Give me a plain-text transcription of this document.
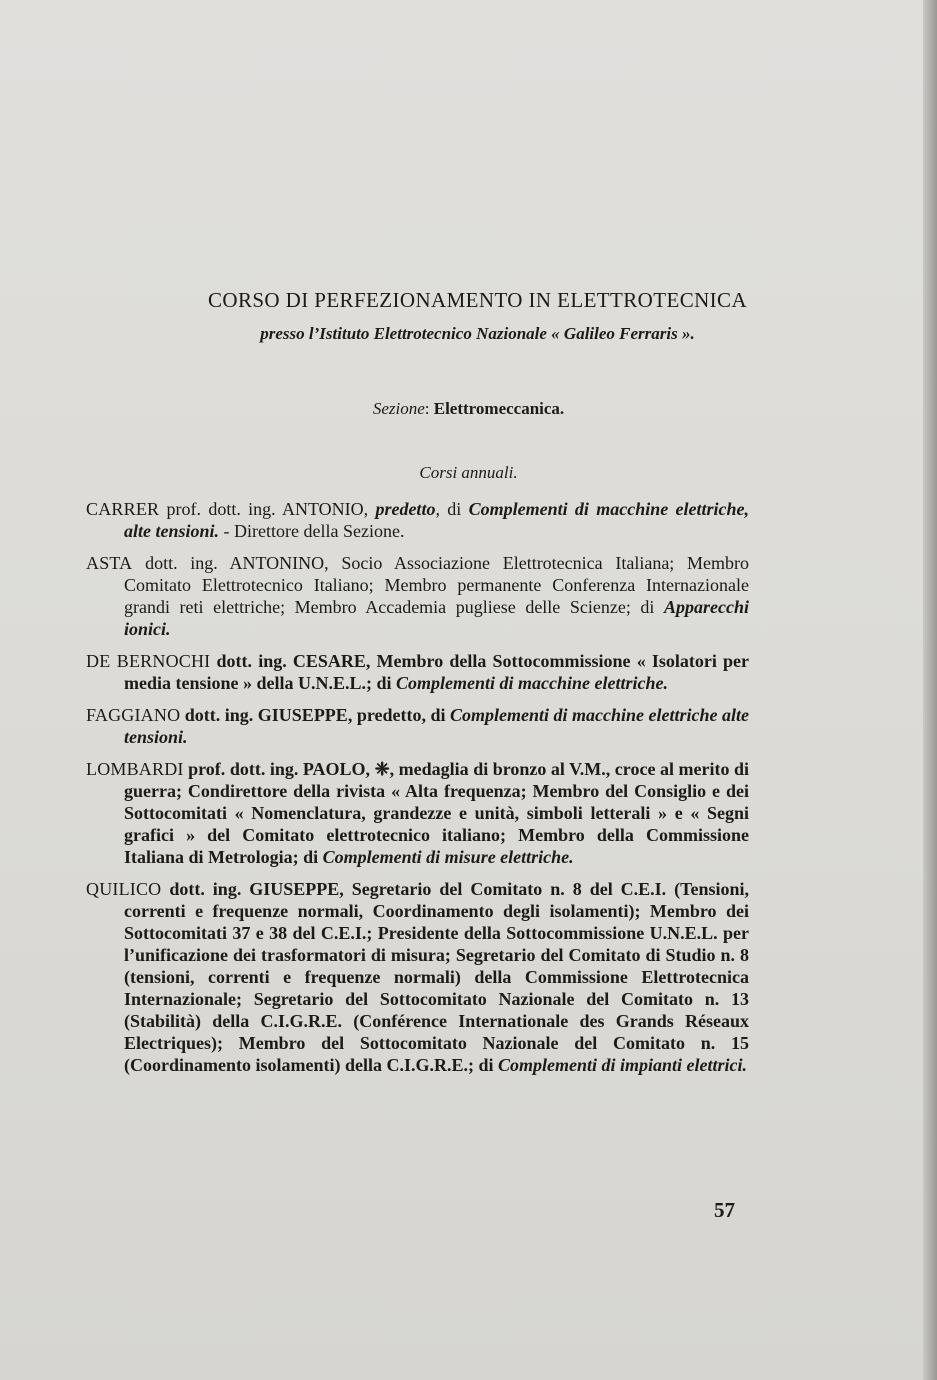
CORSO DI PERFEZIONAMENTO IN ELETTROTECNICA
presso l’Istituto Elettrotecnico Nazionale « Galileo Ferraris ».
Sezione: Elettromeccanica.
Corsi annuali.

CARRER prof. dott. ing. ANTONIO, predetto, di Complementi di macchine elettriche, alte tensioni. - Direttore della Sezione.

ASTA dott. ing. ANTONINO, Socio Associazione Elettrotecnica Italiana; Membro Comitato Elettrotecnico Italiano; Membro permanente Conferenza Internazionale grandi reti elettriche; Membro Accademia pugliese delle Scienze; di Apparecchi ionici.

DE BERNOCHI dott. ing. CESARE, Membro della Sottocommissione « Isolatori per media tensione » della U.N.E.L.; di Complementi di macchine elettriche.

FAGGIANO dott. ing. GIUSEPPE, predetto, di Complementi di macchine elettriche alte tensioni.

LOMBARDI prof. dott. ing. PAOLO, ❈, medaglia di bronzo al V.M., croce al merito di guerra; Condirettore della rivista « Alta frequenza; Membro del Consiglio e dei Sottocomitati « Nomenclatura, grandezze e unità, simboli letterali » e « Segni grafici » del Comitato elettrotecnico italiano; Membro della Commissione Italiana di Metrologia; di Complementi di misure elettriche.

QUILICO dott. ing. GIUSEPPE, Segretario del Comitato n. 8 del C.E.I. (Tensioni, correnti e frequenze normali, Coordinamento degli isolamenti); Membro dei Sottocomitati 37 e 38 del C.E.I.; Presidente della Sottocommissione U.N.E.L. per l’unificazione dei trasformatori di misura; Segretario del Comitato di Studio n. 8 (tensioni, correnti e frequenze normali) della Commissione Elettrotecnica Internazionale; Segretario del Sottocomitato Nazionale del Comitato n. 13 (Stabilità) della C.I.G.R.E. (Conférence Internationale des Grands Réseaux Electriques); Membro del Sottocomitato Nazionale del Comitato n. 15 (Coordinamento isolamenti) della C.I.G.R.E.; di Complementi di impianti elettrici.

57
